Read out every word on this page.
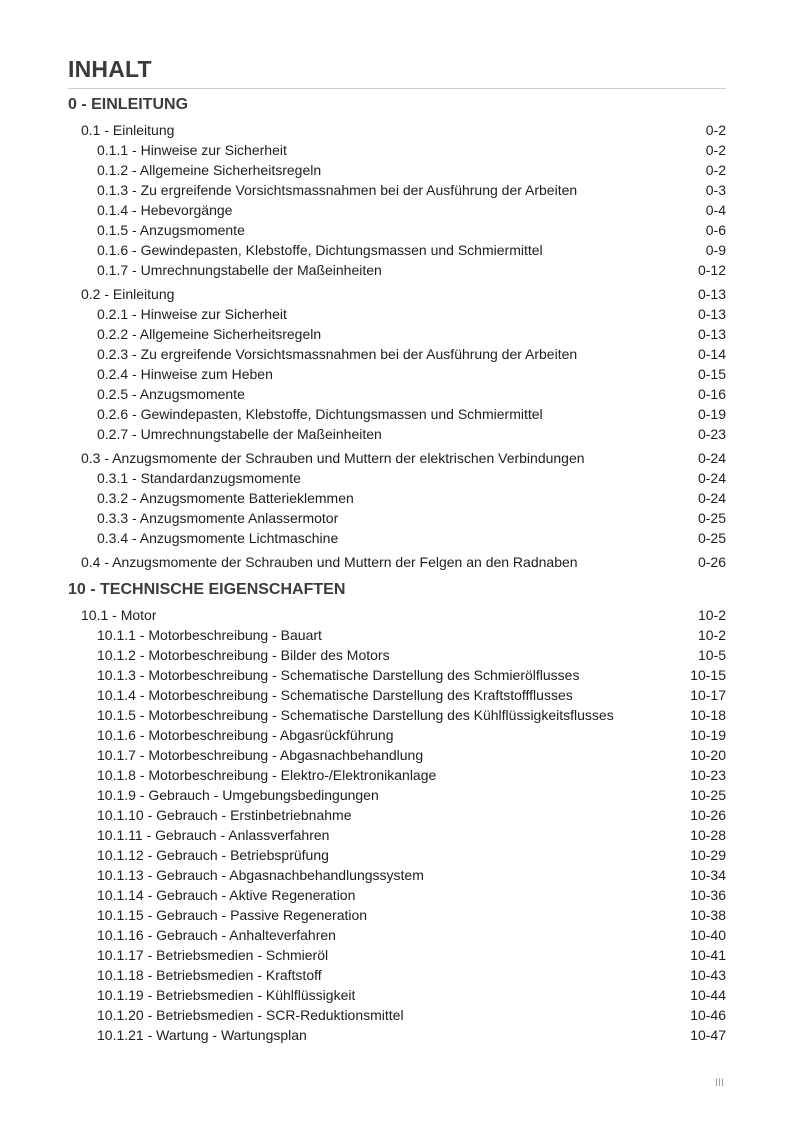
INHALT
0 - EINLEITUNG
0.1 - Einleitung	0-2
0.1.1 - Hinweise zur Sicherheit	0-2
0.1.2 - Allgemeine Sicherheitsregeln	0-2
0.1.3 - Zu ergreifende Vorsichtsmassnahmen bei der Ausführung der Arbeiten	0-3
0.1.4 - Hebevorgänge	0-4
0.1.5 - Anzugsmomente	0-6
0.1.6 - Gewindepasten, Klebstoffe, Dichtungsmassen und Schmiermittel	0-9
0.1.7 - Umrechnungstabelle der Maßeinheiten	0-12
0.2 - Einleitung	0-13
0.2.1 - Hinweise zur Sicherheit	0-13
0.2.2 - Allgemeine Sicherheitsregeln	0-13
0.2.3 - Zu ergreifende Vorsichtsmassnahmen bei der Ausführung der Arbeiten	0-14
0.2.4 - Hinweise zum Heben	0-15
0.2.5 - Anzugsmomente	0-16
0.2.6 - Gewindepasten, Klebstoffe, Dichtungsmassen und Schmiermittel	0-19
0.2.7 - Umrechnungstabelle der Maßeinheiten	0-23
0.3 - Anzugsmomente der Schrauben und Muttern der elektrischen Verbindungen	0-24
0.3.1 - Standardanzugsmomente	0-24
0.3.2 - Anzugsmomente Batterieklemmen	0-24
0.3.3 - Anzugsmomente Anlassermotor	0-25
0.3.4 - Anzugsmomente Lichtmaschine	0-25
0.4 - Anzugsmomente der Schrauben und Muttern der Felgen an den Radnaben	0-26
10 - TECHNISCHE EIGENSCHAFTEN
10.1 - Motor	10-2
10.1.1 - Motorbeschreibung - Bauart	10-2
10.1.2 - Motorbeschreibung - Bilder des Motors	10-5
10.1.3 - Motorbeschreibung - Schematische Darstellung des Schmierölflusses	10-15
10.1.4 - Motorbeschreibung - Schematische Darstellung des Kraftstoffflusses	10-17
10.1.5 - Motorbeschreibung - Schematische Darstellung des Kühlflüssigkeitsflusses	10-18
10.1.6 - Motorbeschreibung - Abgasrückführung	10-19
10.1.7 - Motorbeschreibung - Abgasnachbehandlung	10-20
10.1.8 - Motorbeschreibung - Elektro-/Elektronikanlage	10-23
10.1.9 - Gebrauch - Umgebungsbedingungen	10-25
10.1.10 - Gebrauch - Erstinbetriebnahme	10-26
10.1.11 - Gebrauch - Anlassverfahren	10-28
10.1.12 - Gebrauch - Betriebsprüfung	10-29
10.1.13 - Gebrauch - Abgasnachbehandlungssystem	10-34
10.1.14 - Gebrauch - Aktive Regeneration	10-36
10.1.15 - Gebrauch - Passive Regeneration	10-38
10.1.16 - Gebrauch - Anhalteverfahren	10-40
10.1.17 - Betriebsmedien - Schmieröl	10-41
10.1.18 - Betriebsmedien - Kraftstoff	10-43
10.1.19 - Betriebsmedien - Kühlflüssigkeit	10-44
10.1.20 - Betriebsmedien - SCR-Reduktionsmittel	10-46
10.1.21 - Wartung - Wartungsplan	10-47
III
